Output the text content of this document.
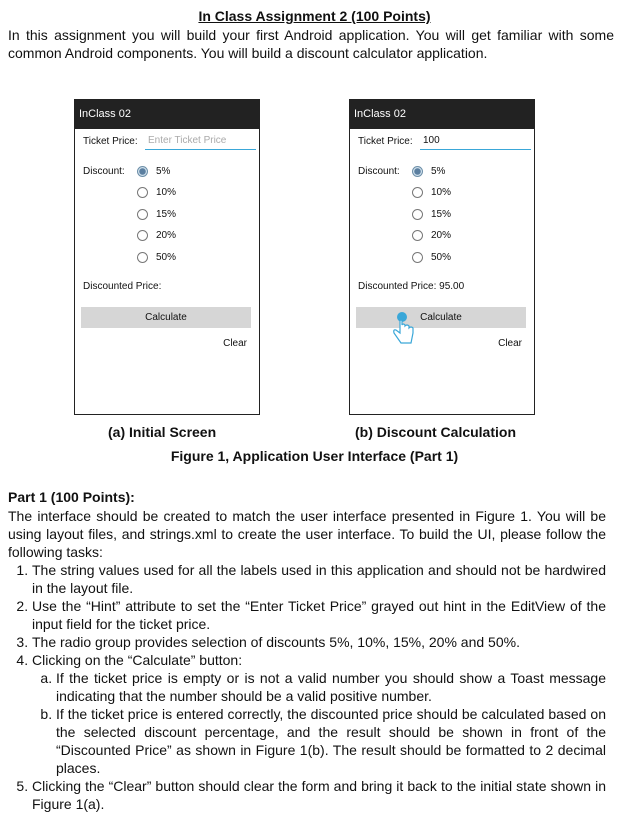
In Class Assignment 2 (100 Points)
In this assignment you will build your first Android application. You will get familiar with some common Android components. You will build a discount calculator application.
InClass 02
Ticket Price:	Enter Ticket Price
Discount:	5%
10%
15%
20%
50%
Discounted Price:
Calculate
Clear
InClass 02
Ticket Price:	100
Discount:	5%
10%
15%
20%
50%
Discounted Price: 95.00
Calculate
Clear
(a) Initial Screen	(b) Discount Calculation
Figure 1, Application User Interface (Part 1)
Part 1 (100 Points):

The interface should be created to match the user interface presented in Figure 1. You will be using layout files, and strings.xml to create the user interface. To build the UI, please follow the following tasks:

1. The string values used for all the labels used in this application and should not be hardwired in the layout file.
2. Use the “Hint” attribute to set the “Enter Ticket Price” grayed out hint in the EditView of the input field for the ticket price.
3. The radio group provides selection of discounts 5%, 10%, 15%, 20% and 50%.
4. Clicking on the “Calculate” button:
a. If the ticket price is empty or is not a valid number you should show a Toast message indicating that the number should be a valid positive number.
b. If the ticket price is entered correctly, the discounted price should be calculated based on the selected discount percentage, and the result should be shown in front of the “Discounted Price” as shown in Figure 1(b). The result should be formatted to 2 decimal places.
5. Clicking the “Clear” button should clear the form and bring it back to the initial state shown in Figure 1(a).
